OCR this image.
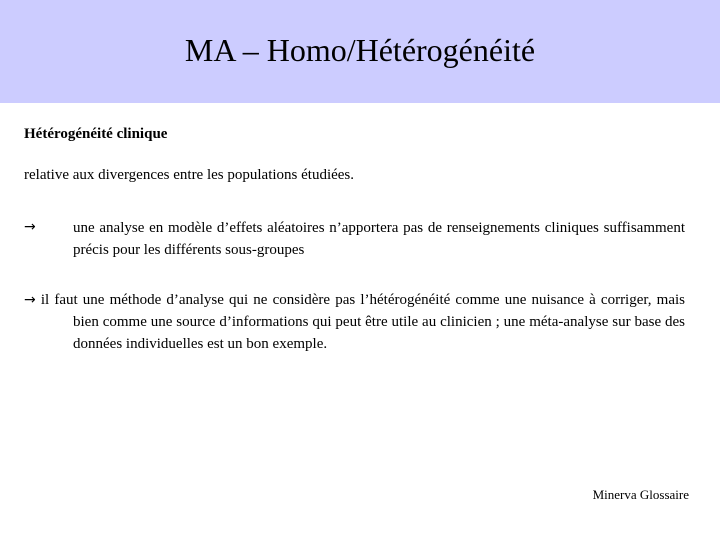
MA – Homo/Hétérogénéité
Hétérogénéité clinique
relative aux divergences entre les populations étudiées.
→ une analyse en modèle d’effets aléatoires n’apportera pas de renseignements cliniques suffisamment précis pour les différents sous-groupes
→ il faut une méthode d’analyse qui ne considère pas l’hétérogénéité comme une nuisance à corriger, mais bien comme une source d’informations qui peut être utile au clinicien ; une méta-analyse sur base des données individuelles est un bon exemple.
Minerva Glossaire
